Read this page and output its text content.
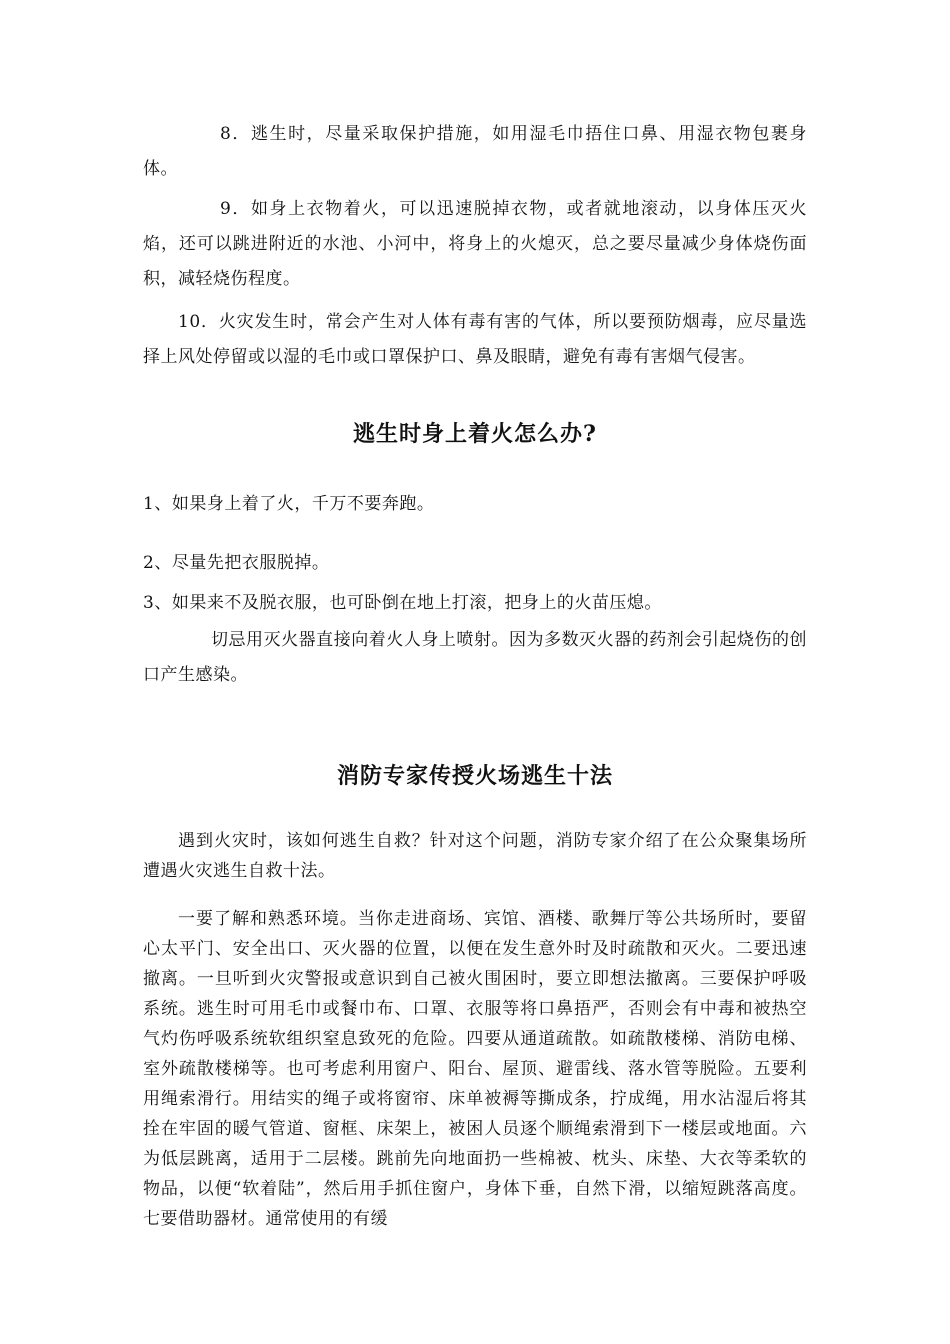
8．逃生时，尽量采取保护措施，如用湿毛巾捂住口鼻、用湿衣物包裹身体。

9．如身上衣物着火，可以迅速脱掉衣物，或者就地滚动，以身体压灭火焰，还可以跳进附近的水池、小河中，将身上的火熄灭，总之要尽量减少身体烧伤面积，减轻烧伤程度。

10．火灾发生时，常会产生对人体有毒有害的气体，所以要预防烟毒，应尽量选择上风处停留或以湿的毛巾或口罩保护口、鼻及眼睛，避免有毒有害烟气侵害。

逃生时身上着火怎么办?

1、如果身上着了火，千万不要奔跑。

2、尽量先把衣服脱掉。

3、如果来不及脱衣服，也可卧倒在地上打滚，把身上的火苗压熄。

切忌用灭火器直接向着火人身上喷射。因为多数灭火器的药剂会引起烧伤的创口产生感染。

消防专家传授火场逃生十法

遇到火灾时，该如何逃生自救？针对这个问题，消防专家介绍了在公众聚集场所遭遇火灾逃生自救十法。

一要了解和熟悉环境。当你走进商场、宾馆、酒楼、歌舞厅等公共场所时，要留心太平门、安全出口、灭火器的位置，以便在发生意外时及时疏散和灭火。二要迅速撤离。一旦听到火灾警报或意识到自己被火围困时，要立即想法撤离。三要保护呼吸系统。逃生时可用毛巾或餐巾布、口罩、衣服等将口鼻捂严，否则会有中毒和被热空气灼伤呼吸系统软组织窒息致死的危险。四要从通道疏散。如疏散楼梯、消防电梯、室外疏散楼梯等。也可考虑利用窗户、阳台、屋顶、避雷线、落水管等脱险。五要利用绳索滑行。用结实的绳子或将窗帘、床单被褥等撕成条，拧成绳，用水沾湿后将其拴在牢固的暖气管道、窗框、床架上，被困人员逐个顺绳索滑到下一楼层或地面。六为低层跳离，适用于二层楼。跳前先向地面扔一些棉被、枕头、床垫、大衣等柔软的物品，以便“软着陆”，然后用手抓住窗户，身体下垂，自然下滑，以缩短跳落高度。七要借助器材。通常使用的有缓
